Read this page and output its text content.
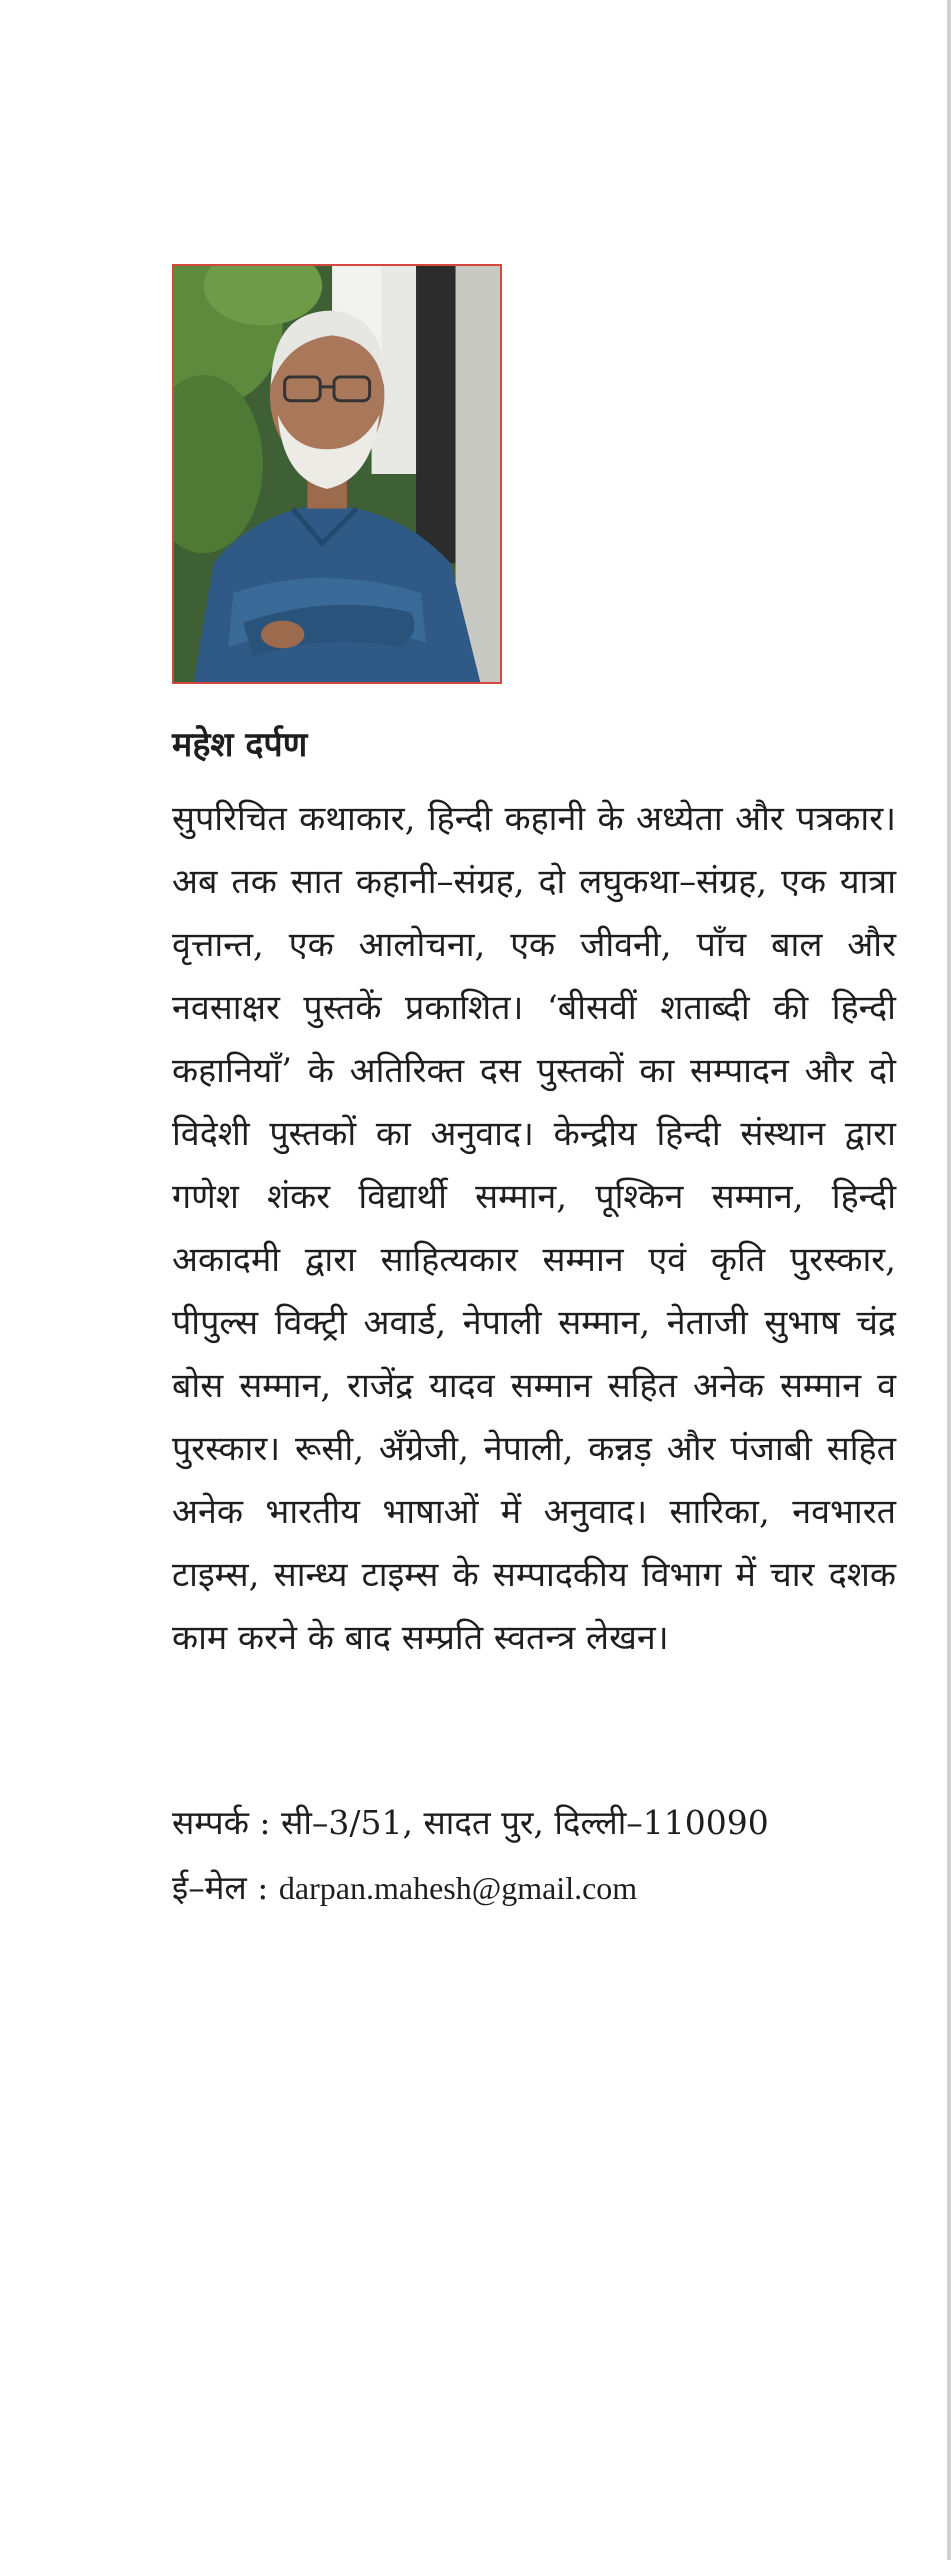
महेश दर्पण

सुपरिचित कथाकार, हिन्दी कहानी के अध्येता और पत्रकार। अब तक सात कहानी–संग्रह, दो लघुकथा–संग्रह, एक यात्रा वृत्तान्त, एक आलोचना, एक जीवनी, पाँच बाल और नवसाक्षर पुस्तकें प्रकाशित। ‘बीसवीं शताब्दी की हिन्दी कहानियाँ’ के अतिरिक्त दस पुस्तकों का सम्पादन और दो विदेशी पुस्तकों का अनुवाद। केन्द्रीय हिन्दी संस्थान द्वारा गणेश शंकर विद्यार्थी सम्मान, पूश्किन सम्मान, हिन्दी अकादमी द्वारा साहित्यकार सम्मान एवं कृति पुरस्कार, पीपुल्स विक्ट्री अवार्ड, नेपाली सम्मान, नेताजी सुभाष चंद्र बोस सम्मान, राजेंद्र यादव सम्मान सहित अनेक सम्मान व पुरस्कार। रूसी, अँग्रेजी, नेपाली, कन्नड़ और पंजाबी सहित अनेक भारतीय भाषाओं में अनुवाद। सारिका, नवभारत टाइम्स, सान्ध्य टाइम्स के सम्पादकीय विभाग में चार दशक काम करने के बाद सम्प्रति स्वतन्त्र लेखन।

सम्पर्क : सी–3/51, सादत पुर, दिल्ली–110090
ई–मेल : darpan.mahesh@gmail.com
